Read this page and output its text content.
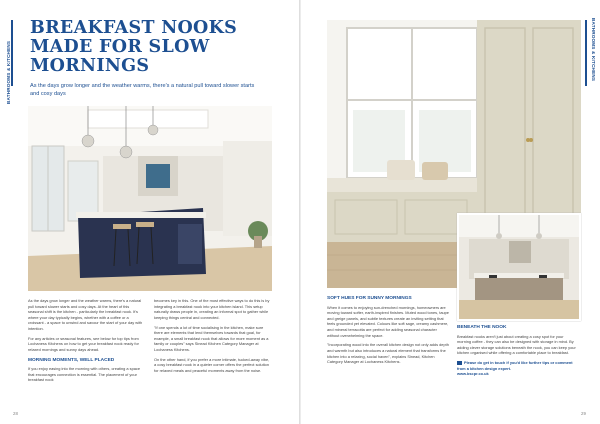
BATHROOMS & KITCHENS
BREAKFAST NOOKS MADE FOR SLOW MORNINGS

As the days grow longer and the weather warms, there's a natural pull toward slower starts and cosy days

As the days grow longer and the weather warms, there's a natural pull toward slower starts and cosy days. At the heart of this seasonal shift is the kitchen - particularly the breakfast nook. It's where your day typically begins, whether with a coffee or a croissant - a space to unwind and savour the start of your day with intention.

For any articles or seasonal features, see below for top tips from Lochaness Kitchens on how to get your breakfast nook ready for relaxed mornings and sunny days ahead.

MORNING MOMENTS, WELL PLACED

If you enjoy easing into the morning with others, creating a space that encourages connection is essential. The placement of your breakfast nook

becomes key in this. One of the most effective ways to do this is by integrating a breakfast nook into your kitchen island. This setup naturally draws people in, creating an informal spot to gather while keeping things central and connected.

"If one spends a lot of time socialising in the kitchen, make sure there are elements that lend themselves towards that goal, for example, a small breakfast nook that allows for more moment as a family or couples" says Sinead Kitchen Category Manager at Lochaness Kitchens.

On the other hand, if you prefer a more intimate, tucked-away vibe, a cosy breakfast nook in a quieter corner offers the perfect solution for relaxed meals and peaceful moments away from the noise.

28
BATHROOMS & KITCHENS
SOFT HUES FOR SUNNY MORNINGS

When it comes to enjoying sun-drenched mornings, homeowners are moving toward softer, earth-inspired finishes. Muted wood tones, taupe and greige panels, and subtle textures create an inviting setting that feels grounded yet elevated. Colours like soft sage, creamy cashmere, and mineral terracotta are perfect for adding seasonal character without overwhelming the space.

"Incorporating wood into the overall kitchen design not only adds depth and warmth but also introduces a natural element that transforms the kitchen into a relaxing, social haven", explains Sinead, Kitchen Category Manager at Lochaness Kitchens.

BENEATH THE NOOK

Breakfast nooks aren't just about creating a cosy spot for your morning coffee - they can also be designed with storage in mind. By adding clever storage solutions beneath the nook, you can keep your kitchen organised while offering a comfortable place to breakfast.

Please do get in touch if you'd like further tips or comment from a kitchen design expert.
www.bscpr.co.uk
29
